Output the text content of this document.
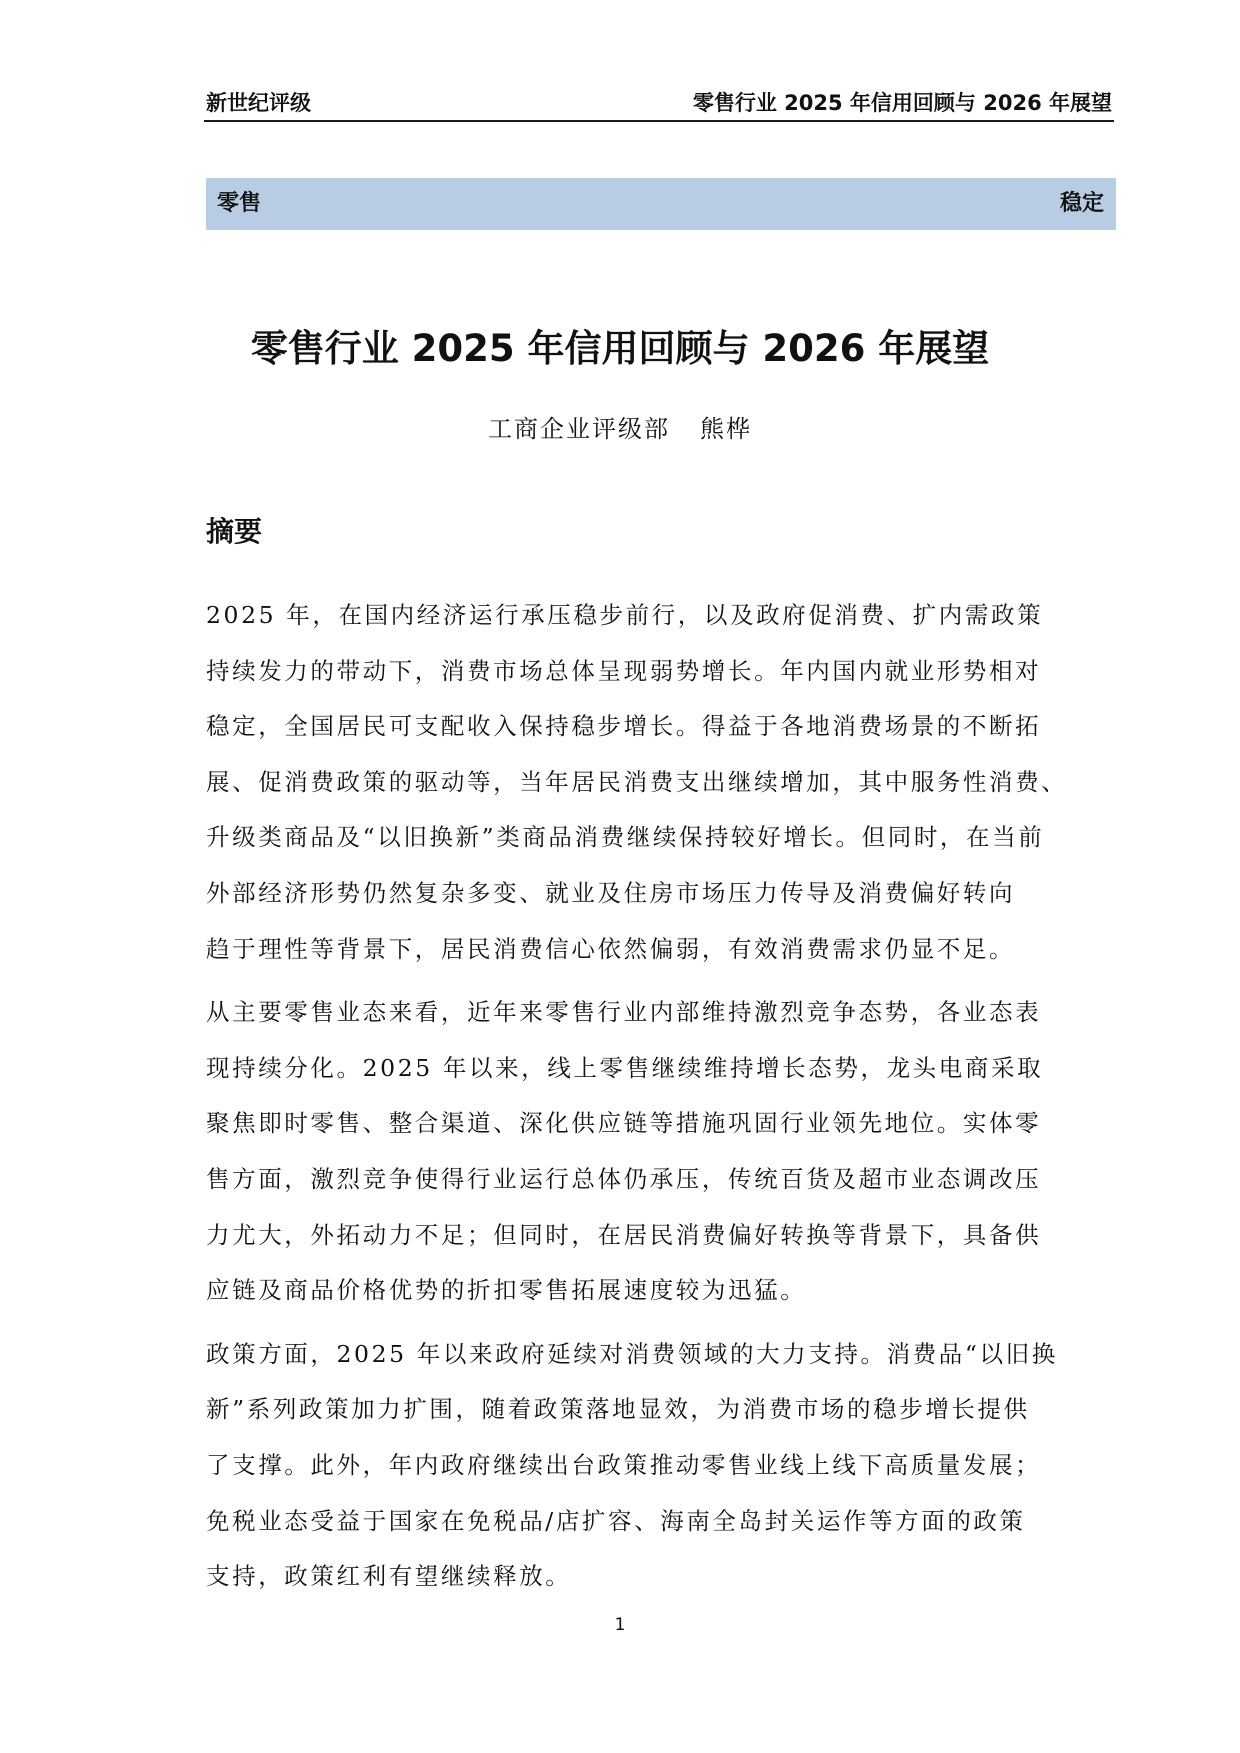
新世纪评级	零售行业 2025 年信用回顾与 2026 年展望
零售	稳定
零售行业 2025 年信用回顾与 2026 年展望
工商企业评级部 熊桦
摘要
2025 年，在国内经济运行承压稳步前行，以及政府促消费、扩内需政策
持续发力的带动下，消费市场总体呈现弱势增长。年内国内就业形势相对
稳定，全国居民可支配收入保持稳步增长。得益于各地消费场景的不断拓
展、促消费政策的驱动等，当年居民消费支出继续增加，其中服务性消费、
升级类商品及“以旧换新”类商品消费继续保持较好增长。但同时，在当前
外部经济形势仍然复杂多变、就业及住房市场压力传导及消费偏好转向
趋于理性等背景下，居民消费信心依然偏弱，有效消费需求仍显不足。
从主要零售业态来看，近年来零售行业内部维持激烈竞争态势，各业态表
现持续分化。2025 年以来，线上零售继续维持增长态势，龙头电商采取
聚焦即时零售、整合渠道、深化供应链等措施巩固行业领先地位。实体零
售方面，激烈竞争使得行业运行总体仍承压，传统百货及超市业态调改压
力尤大，外拓动力不足；但同时，在居民消费偏好转换等背景下，具备供
应链及商品价格优势的折扣零售拓展速度较为迅猛。
政策方面，2025 年以来政府延续对消费领域的大力支持。消费品“以旧换
新”系列政策加力扩围，随着政策落地显效，为消费市场的稳步增长提供
了支撑。此外，年内政府继续出台政策推动零售业线上线下高质量发展；
免税业态受益于国家在免税品/店扩容、海南全岛封关运作等方面的政策
支持，政策红利有望继续释放。
1
